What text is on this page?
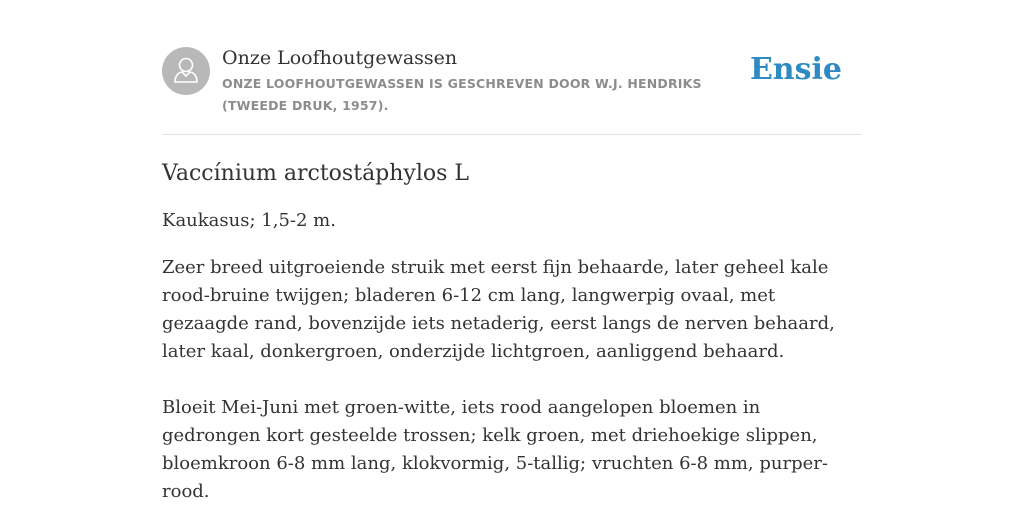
Onze Loofhoutgewassen

ONZE LOOFHOUTGEWASSEN IS GESCHREVEN DOOR W.J. HENDRIKS (TWEEDE DRUK, 1957).

Ensie
Vaccínium arctostáphylos L

Kaukasus; 1,5-2 m.

Zeer breed uitgroeiende struik met eerst fijn behaarde, later geheel kale rood-bruine twijgen; bladeren 6-12 cm lang, langwerpig ovaal, met gezaagde rand, bovenzijde iets netaderig, eerst langs de nerven behaard, later kaal, donkergroen, onderzijde lichtgroen, aanliggend behaard.

Bloeit Mei-Juni met groen-witte, iets rood aangelopen bloemen in gedrongen kort gesteelde trossen; kelk groen, met driehoekige slippen, bloemkroon 6-8 mm lang, klokvormig, 5-tallig; vruchten 6-8 mm, purper-rood.
